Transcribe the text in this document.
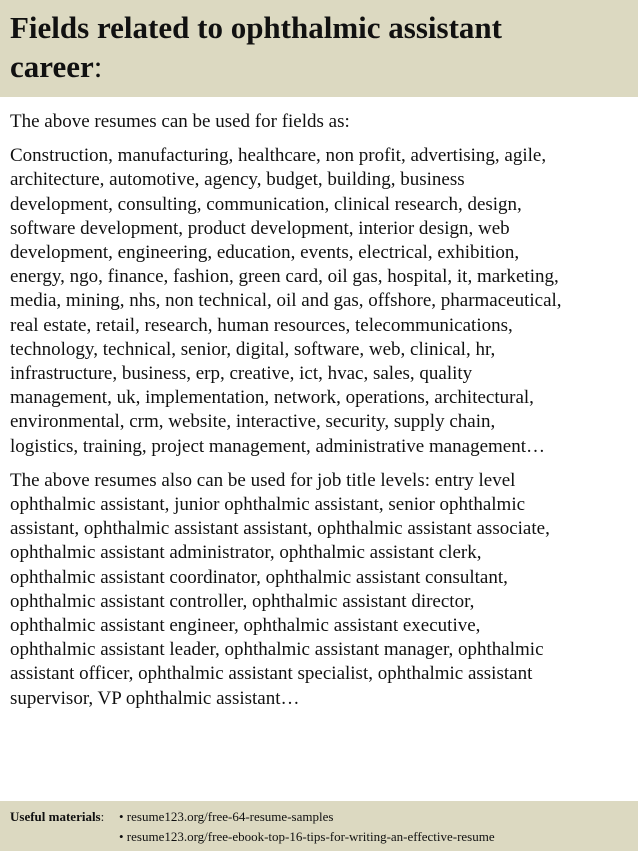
Fields related to ophthalmic assistant
career:

The above resumes can be used for fields as:

Construction, manufacturing, healthcare, non profit, advertising, agile,
architecture, automotive, agency, budget, building, business
development, consulting, communication, clinical research, design,
software development, product development, interior design, web
development, engineering, education, events, electrical, exhibition,
energy, ngo, finance, fashion, green card, oil gas, hospital, it, marketing,
media, mining, nhs, non technical, oil and gas, offshore, pharmaceutical,
real estate, retail, research, human resources, telecommunications,
technology, technical, senior, digital, software, web, clinical, hr,
infrastructure, business, erp, creative, ict, hvac, sales, quality
management, uk, implementation, network, operations, architectural,
environmental, crm, website, interactive, security, supply chain,
logistics, training, project management, administrative management…

The above resumes also can be used for job title levels: entry level
ophthalmic assistant, junior ophthalmic assistant, senior ophthalmic
assistant, ophthalmic assistant assistant, ophthalmic assistant associate,
ophthalmic assistant administrator, ophthalmic assistant clerk,
ophthalmic assistant coordinator, ophthalmic assistant consultant,
ophthalmic assistant controller, ophthalmic assistant director,
ophthalmic assistant engineer, ophthalmic assistant executive,
ophthalmic assistant leader, ophthalmic assistant manager, ophthalmic
assistant officer, ophthalmic assistant specialist, ophthalmic assistant
supervisor, VP ophthalmic assistant…

Useful materials: • resume123.org/free-64-resume-samples
• resume123.org/free-ebook-top-16-tips-for-writing-an-effective-resume
